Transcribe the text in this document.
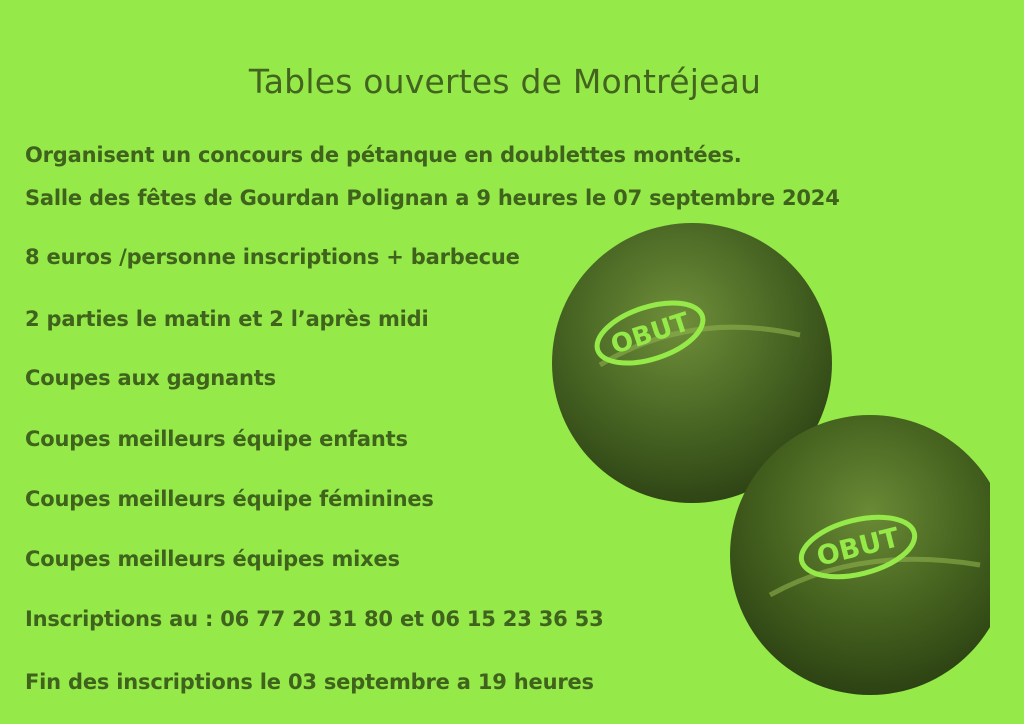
Tables ouvertes de Montréjeau
Organisent un concours de pétanque en doublettes montées.
Salle des fêtes de Gourdan Polignan a 9 heures le 07 septembre 2024
8 euros /personne inscriptions + barbecue
2 parties le matin et 2 l’après midi
Coupes aux gagnants
Coupes meilleurs équipe enfants
Coupes meilleurs équipe féminines
Coupes meilleurs équipes mixes
Inscriptions au : 06 77 20 31 80 et 06 15 23 36 53
Fin des inscriptions le 03 septembre a 19 heures
OBUT
OBUT
